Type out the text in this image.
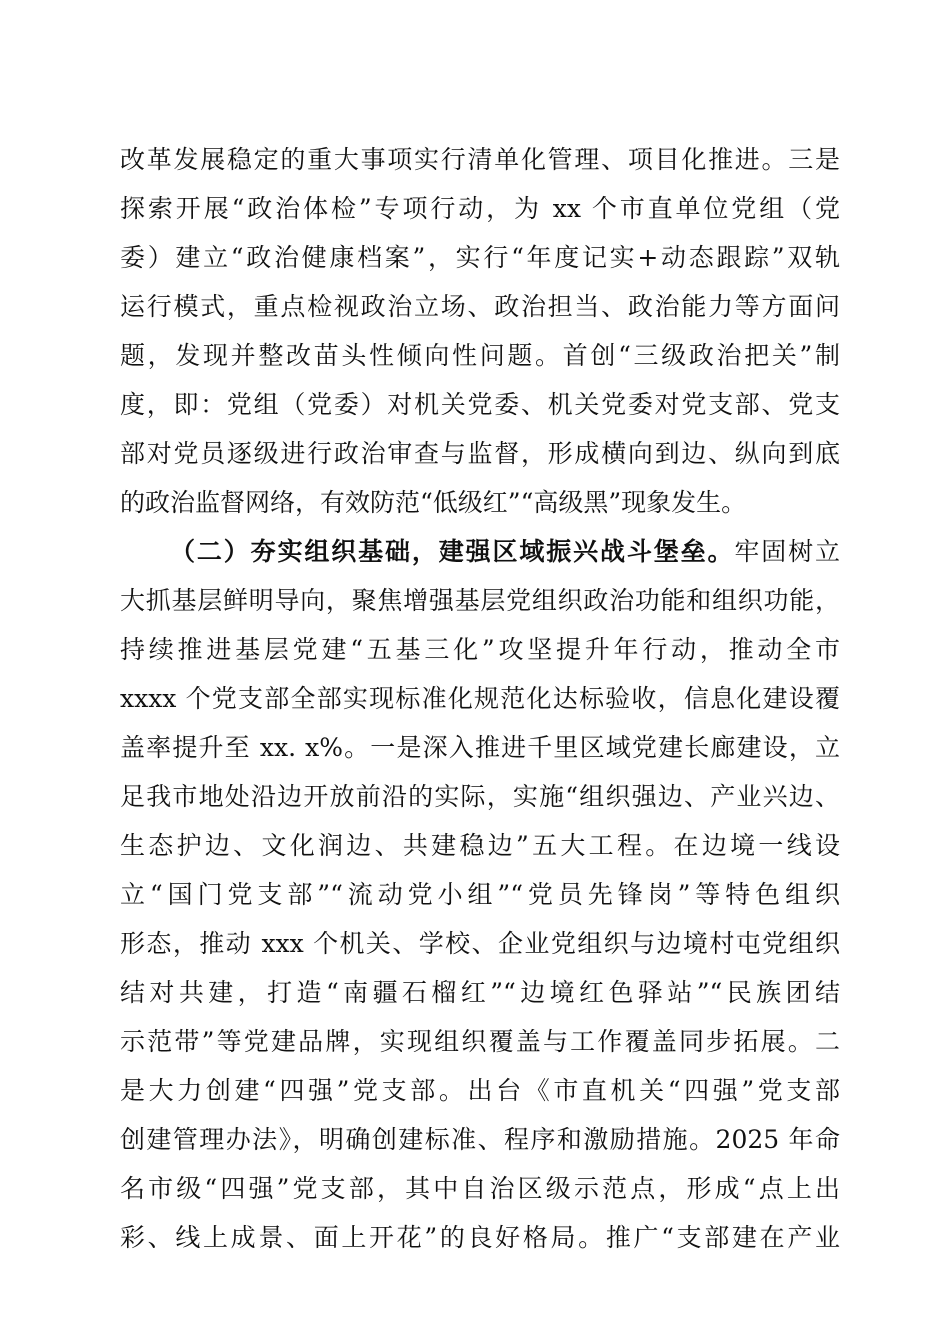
改革发展稳定的重大事项实行清单化管理、项目化推进。三是
探索开展“政治体检”专项行动，为 xx 个市直单位党组（党
委）建立“政治健康档案”，实行“年度记实+动态跟踪”双轨
运行模式，重点检视政治立场、政治担当、政治能力等方面问
题，发现并整改苗头性倾向性问题。首创“三级政治把关”制
度，即：党组（党委）对机关党委、机关党委对党支部、党支
部对党员逐级进行政治审查与监督，形成横向到边、纵向到底
的政治监督网络，有效防范“低级红”“高级黑”现象发生。
（二）夯实组织基础，建强区域振兴战斗堡垒。牢固树立
大抓基层鲜明导向，聚焦增强基层党组织政治功能和组织功能，
持续推进基层党建“五基三化”攻坚提升年行动，推动全市
xxxx 个党支部全部实现标准化规范化达标验收，信息化建设覆
盖率提升至 xx. x%。一是深入推进千里区域党建长廊建设，立
足我市地处沿边开放前沿的实际，实施“组织强边、产业兴边、
生态护边、文化润边、共建稳边”五大工程。在边境一线设
立“国门党支部”“流动党小组”“党员先锋岗”等特色组织
形态，推动 xxx 个机关、学校、企业党组织与边境村屯党组织
结对共建，打造“南疆石榴红”“边境红色驿站”“民族团结
示范带”等党建品牌，实现组织覆盖与工作覆盖同步拓展。二
是大力创建“四强”党支部。出台《市直机关“四强”党支部
创建管理办法》，明确创建标准、程序和激励措施。2025 年命
名市级“四强”党支部，其中自治区级示范点，形成“点上出
彩、线上成景、面上开花”的良好格局。推广“支部建在产业
